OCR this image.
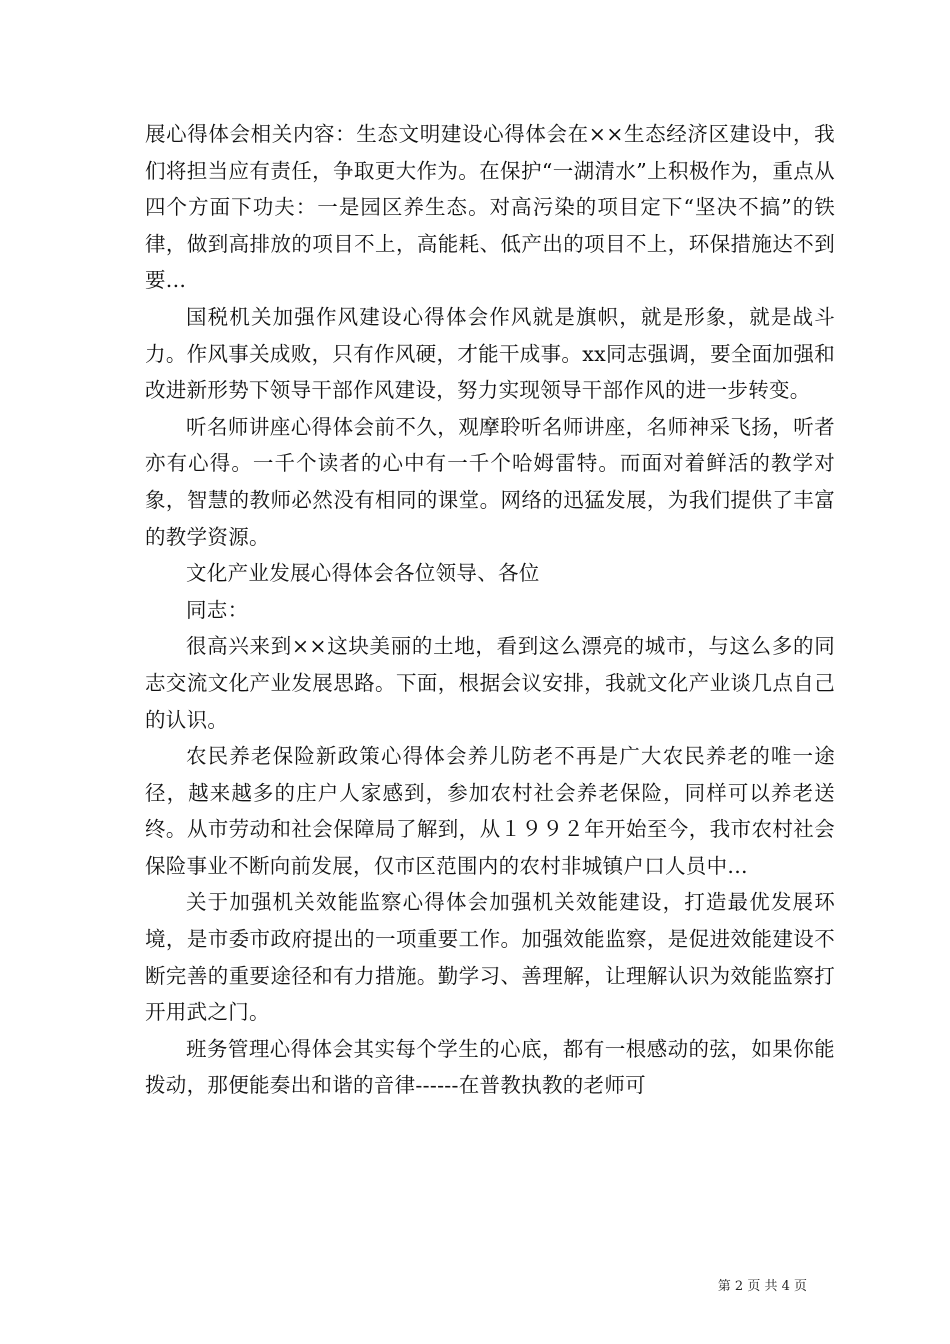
展心得体会相关内容：生态文明建设心得体会在××生态经济区建设中，我们将担当应有责任，争取更大作为。在保护“一湖清水”上积极作为，重点从四个方面下功夫：一是园区养生态。对高污染的项目定下“坚决不搞”的铁律，做到高排放的项目不上，高能耗、低产出的项目不上，环保措施达不到要...

国税机关加强作风建设心得体会作风就是旗帜，就是形象，就是战斗力。作风事关成败，只有作风硬，才能干成事。xx同志强调，要全面加强和改进新形势下领导干部作风建设，努力实现领导干部作风的进一步转变。

听名师讲座心得体会前不久，观摩聆听名师讲座，名师神采飞扬，听者亦有心得。一千个读者的心中有一千个哈姆雷特。而面对着鲜活的教学对象，智慧的教师必然没有相同的课堂。网络的迅猛发展，为我们提供了丰富的教学资源。

文化产业发展心得体会各位领导、各位

同志：

很高兴来到××这块美丽的土地，看到这么漂亮的城市，与这么多的同志交流文化产业发展思路。下面，根据会议安排，我就文化产业谈几点自己的认识。

农民养老保险新政策心得体会养儿防老不再是广大农民养老的唯一途径，越来越多的庄户人家感到，参加农村社会养老保险，同样可以养老送终。从市劳动和社会保障局了解到，从１９９２年开始至今，我市农村社会保险事业不断向前发展，仅市区范围内的农村非城镇户口人员中...

关于加强机关效能监察心得体会加强机关效能建设，打造最优发展环境，是市委市政府提出的一项重要工作。加强效能监察，是促进效能建设不断完善的重要途径和有力措施。勤学习、善理解，让理解认识为效能监察打开用武之门。

班务管理心得体会其实每个学生的心底，都有一根感动的弦，如果你能拨动，那便能奏出和谐的音律------在普教执教的老师可

第 2 页 共 4 页
